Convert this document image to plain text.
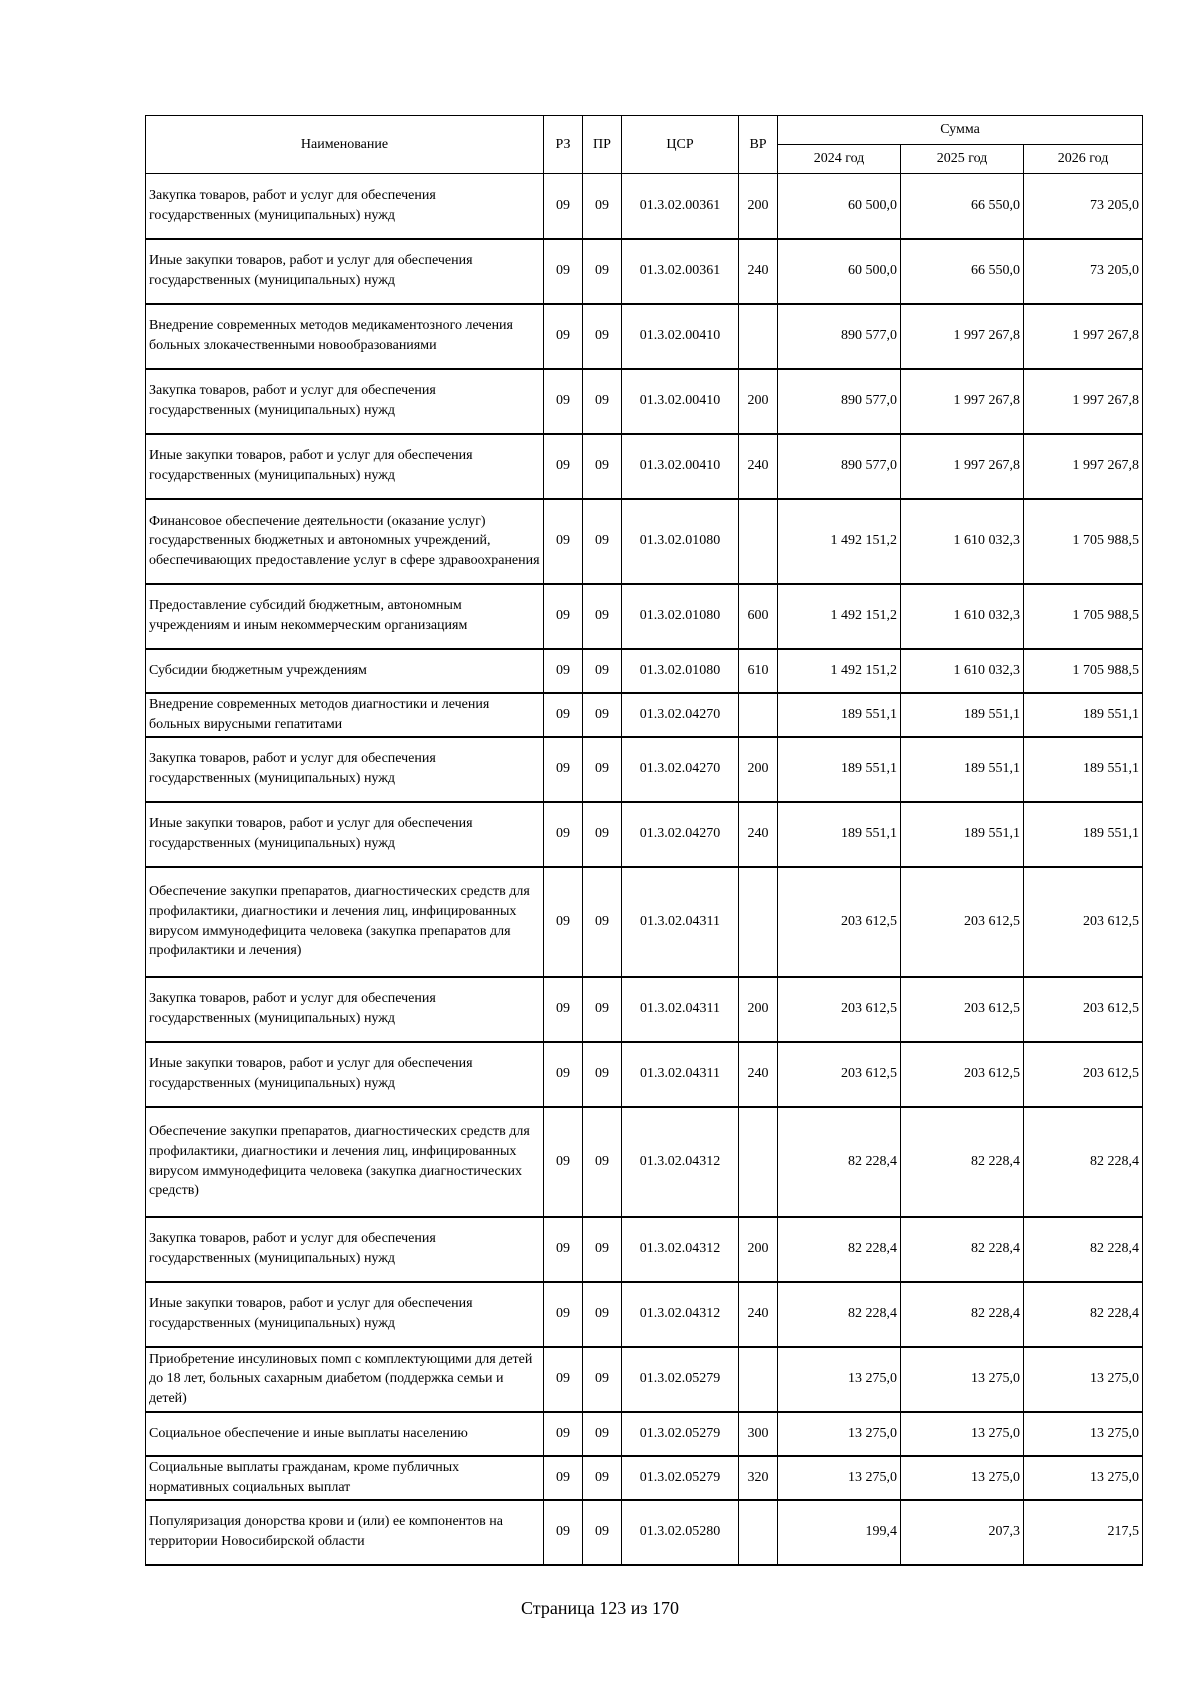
Наименование	РЗ	ПР	ЦСР	ВР	Сумма		
					2024 год	2025 год	2026 год
Закупка товаров, работ и услуг для обеспечения государственных (муниципальных) нужд	09	09	01.3.02.00361	200	60 500,0	66 550,0	73 205,0
Иные закупки товаров, работ и услуг для обеспечения государственных (муниципальных) нужд	09	09	01.3.02.00361	240	60 500,0	66 550,0	73 205,0
Внедрение современных методов медикаментозного лечения больных злокачественными новообразованиями	09	09	01.3.02.00410		890 577,0	1 997 267,8	1 997 267,8
Закупка товаров, работ и услуг для обеспечения государственных (муниципальных) нужд	09	09	01.3.02.00410	200	890 577,0	1 997 267,8	1 997 267,8
Иные закупки товаров, работ и услуг для обеспечения государственных (муниципальных) нужд	09	09	01.3.02.00410	240	890 577,0	1 997 267,8	1 997 267,8
Финансовое обеспечение деятельности (оказание услуг) государственных бюджетных и автономных учреждений, обеспечивающих предоставление услуг в сфере здравоохранения	09	09	01.3.02.01080		1 492 151,2	1 610 032,3	1 705 988,5
Предоставление субсидий бюджетным, автономным учреждениям и иным некоммерческим организациям	09	09	01.3.02.01080	600	1 492 151,2	1 610 032,3	1 705 988,5
Субсидии бюджетным учреждениям	09	09	01.3.02.01080	610	1 492 151,2	1 610 032,3	1 705 988,5
Внедрение современных методов диагностики и лечения больных вирусными гепатитами	09	09	01.3.02.04270		189 551,1	189 551,1	189 551,1
Закупка товаров, работ и услуг для обеспечения государственных (муниципальных) нужд	09	09	01.3.02.04270	200	189 551,1	189 551,1	189 551,1
Иные закупки товаров, работ и услуг для обеспечения государственных (муниципальных) нужд	09	09	01.3.02.04270	240	189 551,1	189 551,1	189 551,1
Обеспечение закупки препаратов, диагностических средств для профилактики, диагностики и лечения лиц, инфицированных вирусом иммунодефицита человека (закупка препаратов для профилактики и лечения)	09	09	01.3.02.04311		203 612,5	203 612,5	203 612,5
Закупка товаров, работ и услуг для обеспечения государственных (муниципальных) нужд	09	09	01.3.02.04311	200	203 612,5	203 612,5	203 612,5
Иные закупки товаров, работ и услуг для обеспечения государственных (муниципальных) нужд	09	09	01.3.02.04311	240	203 612,5	203 612,5	203 612,5
Обеспечение закупки препаратов, диагностических средств для профилактики, диагностики и лечения лиц, инфицированных вирусом иммунодефицита человека (закупка диагностических средств)	09	09	01.3.02.04312		82 228,4	82 228,4	82 228,4
Закупка товаров, работ и услуг для обеспечения государственных (муниципальных) нужд	09	09	01.3.02.04312	200	82 228,4	82 228,4	82 228,4
Иные закупки товаров, работ и услуг для обеспечения государственных (муниципальных) нужд	09	09	01.3.02.04312	240	82 228,4	82 228,4	82 228,4
Приобретение инсулиновых помп с комплектующими для детей до 18 лет, больных сахарным диабетом (поддержка семьи и детей)	09	09	01.3.02.05279		13 275,0	13 275,0	13 275,0
Социальное обеспечение и иные выплаты населению	09	09	01.3.02.05279	300	13 275,0	13 275,0	13 275,0
Социальные выплаты гражданам, кроме публичных нормативных социальных выплат	09	09	01.3.02.05279	320	13 275,0	13 275,0	13 275,0
Популяризация донорства крови и (или) ее компонентов на территории Новосибирской области	09	09	01.3.02.05280		199,4	207,3	217,5
Страница 123 из 170
